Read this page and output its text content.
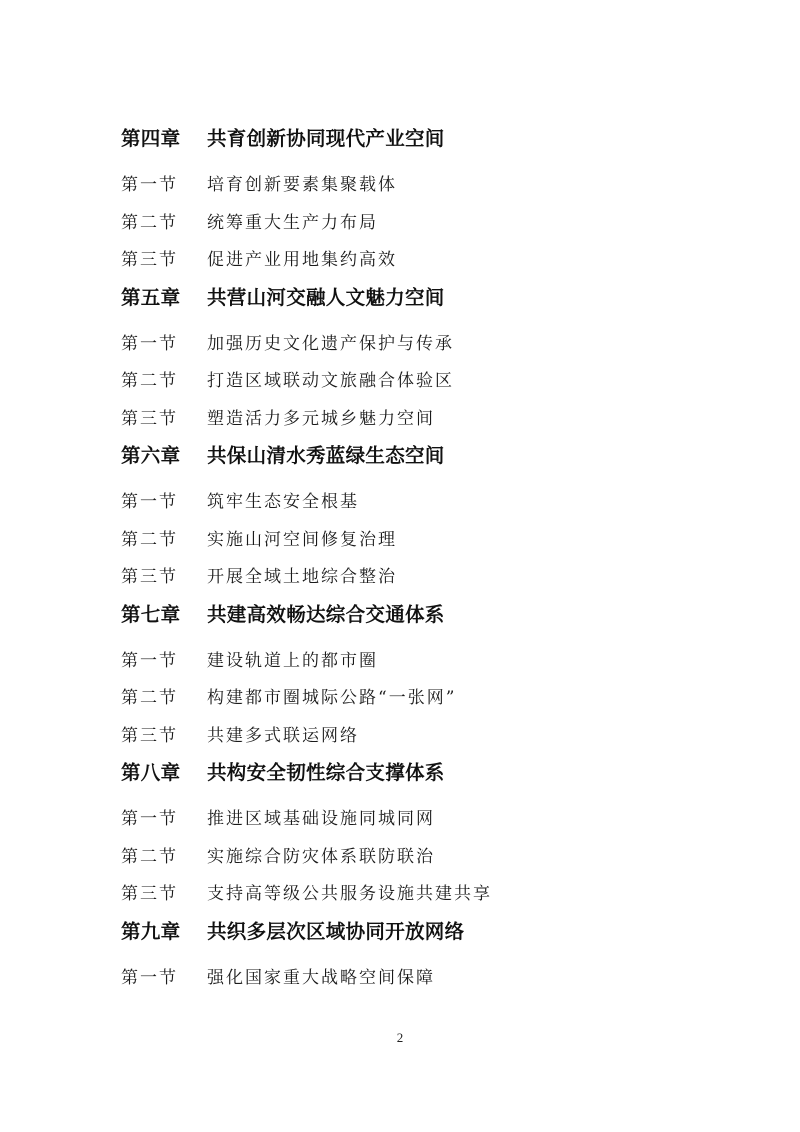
第四章	共育创新协同现代产业空间
第一节	培育创新要素集聚载体
第二节	统筹重大生产力布局
第三节	促进产业用地集约高效
第五章	共营山河交融人文魅力空间
第一节	加强历史文化遗产保护与传承
第二节	打造区域联动文旅融合体验区
第三节	塑造活力多元城乡魅力空间
第六章	共保山清水秀蓝绿生态空间
第一节	筑牢生态安全根基
第二节	实施山河空间修复治理
第三节	开展全域土地综合整治
第七章	共建高效畅达综合交通体系
第一节	建设轨道上的都市圈
第二节	构建都市圈城际公路“一张网”
第三节	共建多式联运网络
第八章	共构安全韧性综合支撑体系
第一节	推进区域基础设施同城同网
第二节	实施综合防灾体系联防联治
第三节	支持高等级公共服务设施共建共享
第九章	共织多层次区域协同开放网络
第一节	强化国家重大战略空间保障
2
